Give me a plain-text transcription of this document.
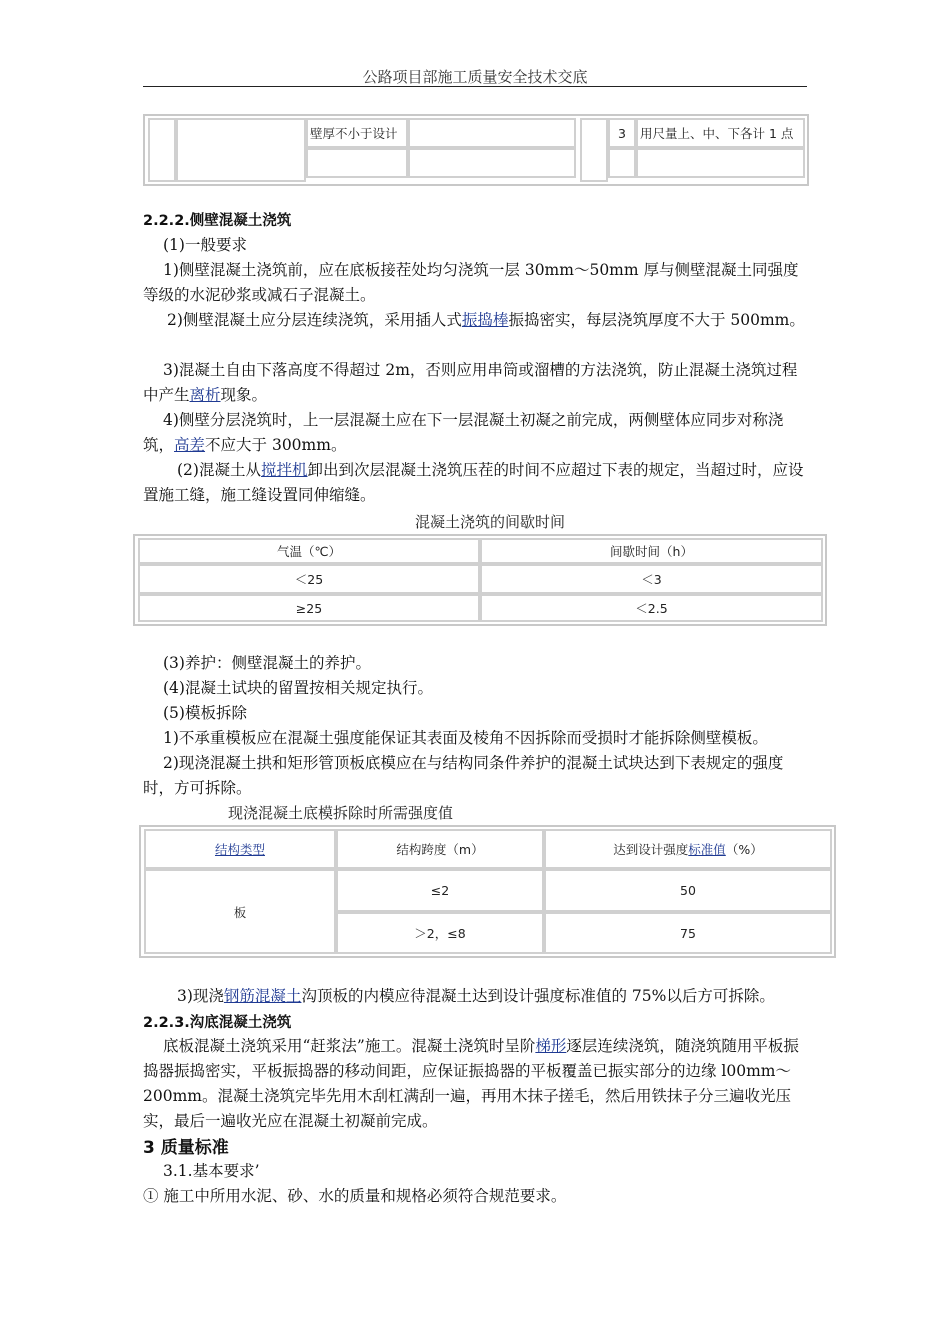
公路项目部施工质量安全技术交底
壁厚不小于设计	3	用尺量上、中、下各计 1 点
2.2.2.侧壁混凝土浇筑
(1)一般要求
1)侧壁混凝土浇筑前，应在底板接茬处均匀浇筑一层 30mm～50mm 厚与侧壁混凝土同强度等级的水泥砂浆或减石子混凝土。
2)侧壁混凝土应分层连续浇筑，采用插人式振捣棒振捣密实，每层浇筑厚度不大于 500mm。
3)混凝土自由下落高度不得超过 2m，否则应用串筒或溜槽的方法浇筑，防止混凝土浇筑过程中产生离析现象。
4)侧壁分层浇筑时，上一层混凝土应在下一层混凝土初凝之前完成，两侧壁体应同步对称浇筑，高差不应大于 300mm。
(2)混凝土从搅拌机卸出到次层混凝土浇筑压茬的时间不应超过下表的规定，当超过时，应设置施工缝，施工缝设置同伸缩缝。
混凝土浇筑的间歇时间
气温（℃）	间歇时间（h）
＜25	＜3
≥25	＜2.5
(3)养护：侧壁混凝土的养护。
(4)混凝土试块的留置按相关规定执行。
(5)模板拆除
1)不承重模板应在混凝土强度能保证其表面及棱角不因拆除而受损时才能拆除侧壁模板。
2)现浇混凝土拱和矩形管顶板底模应在与结构同条件养护的混凝土试块达到下表规定的强度时，方可拆除。
现浇混凝土底模拆除时所需强度值
结构类型	结构跨度（m）	达到设计强度 标准值 （%）
板
≤2	50
＞2，≤8	75
3)现浇钢筋混凝土沟顶板的内模应待混凝土达到设计强度标准值的 75%以后方可拆除。
2.2.3.沟底混凝土浇筑
底板混凝土浇筑采用“赶浆法”施工。混凝土浇筑时呈阶梯形逐层连续浇筑，随浇筑随用平板振捣器振捣密实，平板振捣器的移动间距，应保证振捣器的平板覆盖已振实部分的边缘 l00mm～200mm。混凝土浇筑完毕先用木刮杠满刮一遍，再用木抹子搓毛，然后用铁抹子分三遍收光压实，最后一遍收光应在混凝土初凝前完成。
3 质量标准
3.1.基本要求’
① 施工中所用水泥、砂、水的质量和规格必须符合规范要求。
